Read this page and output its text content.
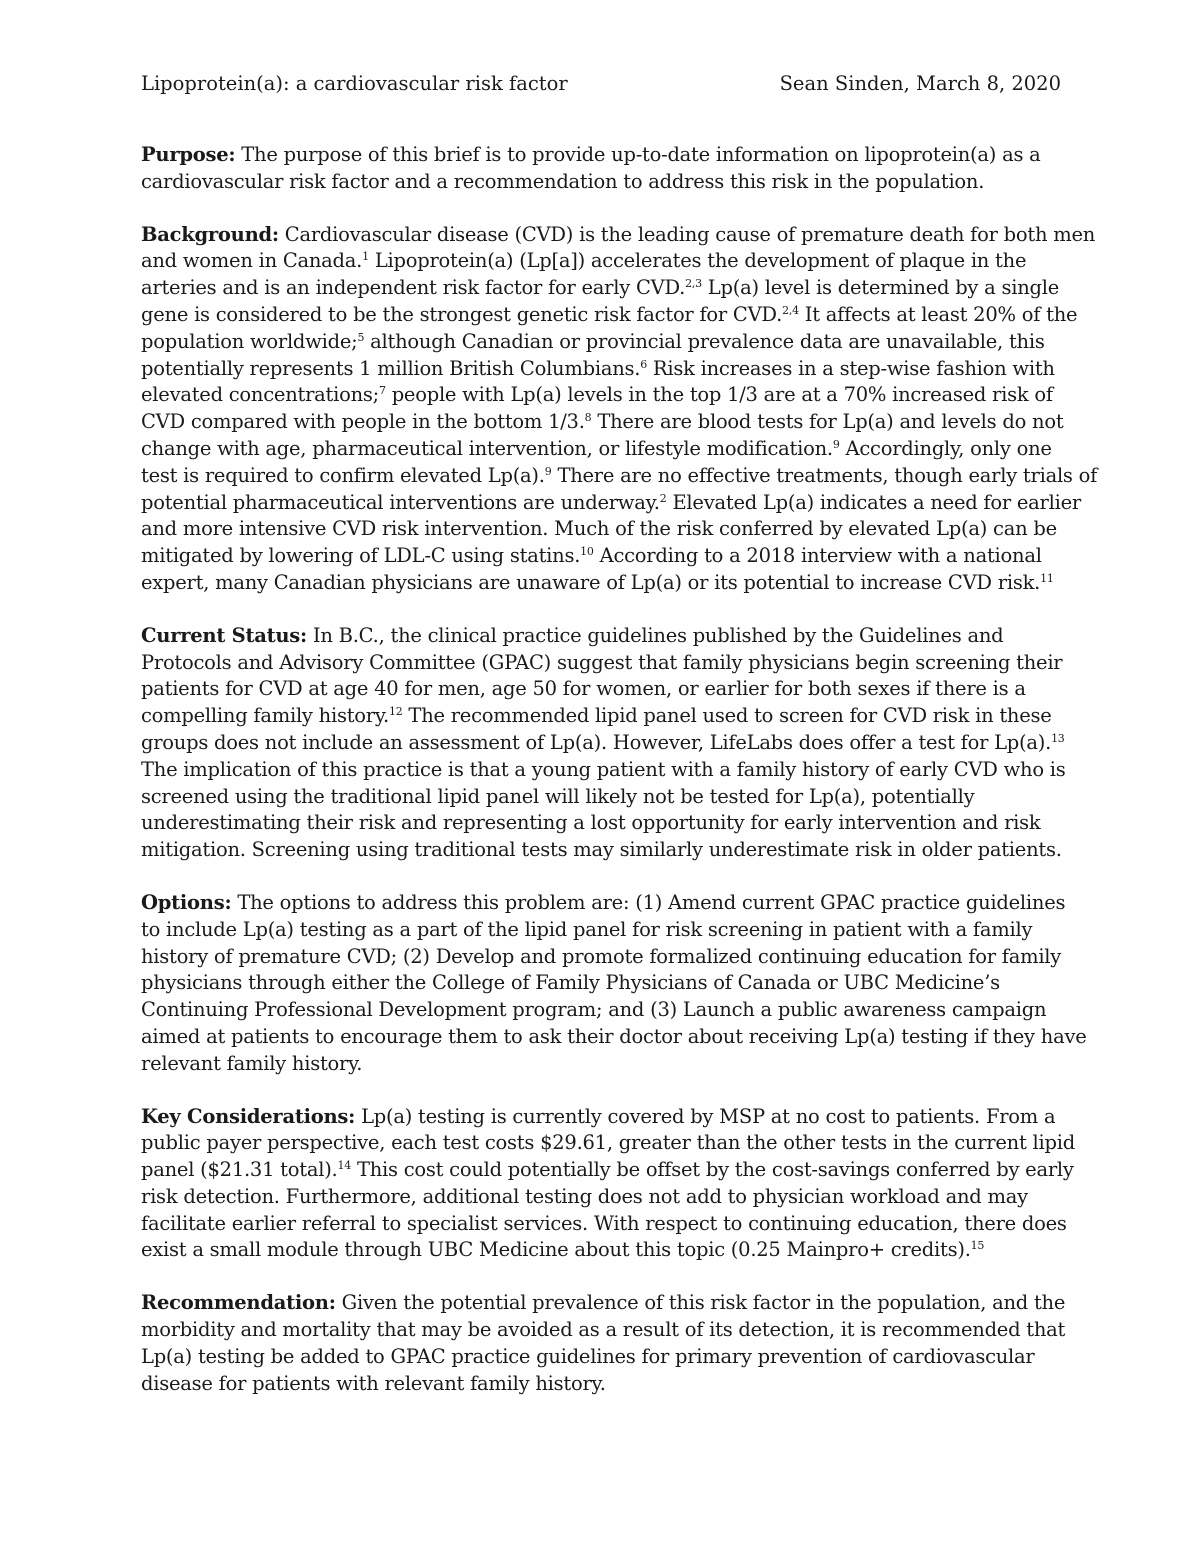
Lipoprotein(a): a cardiovascular risk factor	Sean Sinden, March 8, 2020
Purpose: The purpose of this brief is to provide up-to-date information on lipoprotein(a) as a
cardiovascular risk factor and a recommendation to address this risk in the population.
Background: Cardiovascular disease (CVD) is the leading cause of premature death for both men
and women in Canada.$^1$ Lipoprotein(a) (Lp[a]) accelerates the development of plaque in the
arteries and is an independent risk factor for early CVD.$^{2,3}$ Lp(a) level is determined by a single
gene is considered to be the strongest genetic risk factor for CVD.$^{2,4}$ It affects at least 20% of the
population worldwide;$^5$ although Canadian or provincial prevalence data are unavailable, this
potentially represents 1 million British Columbians.$^6$ Risk increases in a step-wise fashion with
elevated concentrations;$^7$ people with Lp(a) levels in the top 1/3 are at a 70% increased risk of
CVD compared with people in the bottom 1/3.$^8$ There are blood tests for Lp(a) and levels do not
change with age, pharmaceutical intervention, or lifestyle modification.$^9$ Accordingly, only one
test is required to confirm elevated Lp(a).$^9$ There are no effective treatments, though early trials of
potential pharmaceutical interventions are underway.$^2$ Elevated Lp(a) indicates a need for earlier
and more intensive CVD risk intervention. Much of the risk conferred by elevated Lp(a) can be
mitigated by lowering of LDL-C using statins.$^{10}$ According to a 2018 interview with a national
expert, many Canadian physicians are unaware of Lp(a) or its potential to increase CVD risk.$^{11}$
Current Status: In B.C., the clinical practice guidelines published by the Guidelines and
Protocols and Advisory Committee (GPAC) suggest that family physicians begin screening their
patients for CVD at age 40 for men, age 50 for women, or earlier for both sexes if there is a
compelling family history.$^{12}$ The recommended lipid panel used to screen for CVD risk in these
groups does not include an assessment of Lp(a). However, LifeLabs does offer a test for Lp(a).$^{13}$
The implication of this practice is that a young patient with a family history of early CVD who is
screened using the traditional lipid panel will likely not be tested for Lp(a), potentially
underestimating their risk and representing a lost opportunity for early intervention and risk
mitigation. Screening using traditional tests may similarly underestimate risk in older patients.
Options: The options to address this problem are: (1) Amend current GPAC practice guidelines
to include Lp(a) testing as a part of the lipid panel for risk screening in patient with a family
history of premature CVD; (2) Develop and promote formalized continuing education for family
physicians through either the College of Family Physicians of Canada or UBC Medicine’s
Continuing Professional Development program; and (3) Launch a public awareness campaign
aimed at patients to encourage them to ask their doctor about receiving Lp(a) testing if they have
relevant family history.
Key Considerations: Lp(a) testing is currently covered by MSP at no cost to patients. From a
public payer perspective, each test costs $29.61, greater than the other tests in the current lipid
panel ($21.31 total).$^{14}$ This cost could potentially be offset by the cost-savings conferred by early
risk detection. Furthermore, additional testing does not add to physician workload and may
facilitate earlier referral to specialist services. With respect to continuing education, there does
exist a small module through UBC Medicine about this topic (0.25 Mainpro+ credits).$^{15}$
Recommendation: Given the potential prevalence of this risk factor in the population, and the
morbidity and mortality that may be avoided as a result of its detection, it is recommended that
Lp(a) testing be added to GPAC practice guidelines for primary prevention of cardiovascular
disease for patients with relevant family history.
